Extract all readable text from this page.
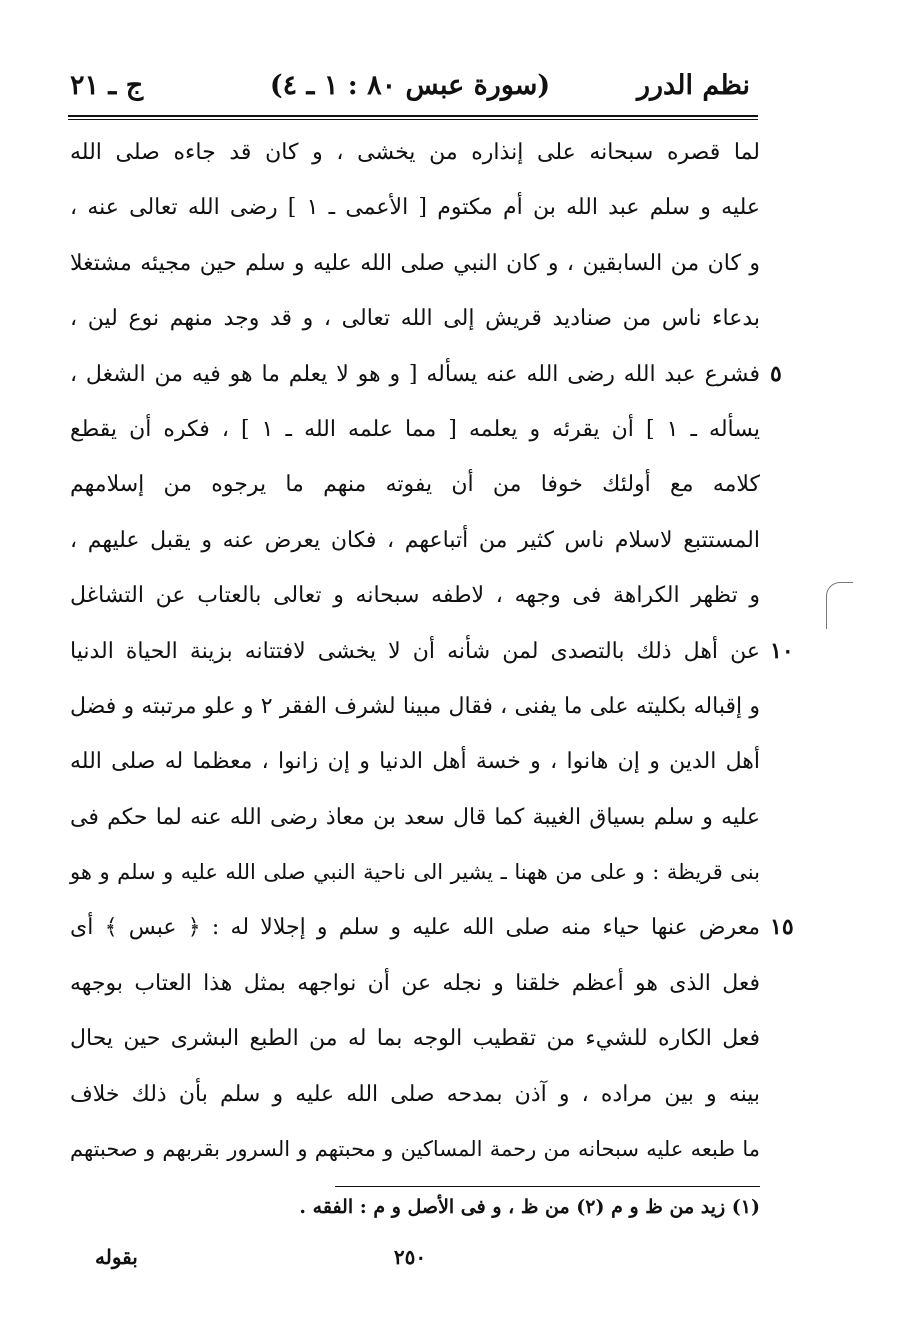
نظم الدرر
(سورة عبس ٨٠ : ١ ـ ٤)
ج ـ ٢١
لما قصره سبحانه على إنذاره من يخشى ، و كان قد جاءه صلى الله
عليه و سلم عبد الله بن أم مكتوم [ الأعمى ـ ١ ] رضى الله تعالى عنه ،
و كان من السابقين ، و كان النبي صلى الله عليه و سلم حين مجيئه مشتغلا
بدعاء ناس من صناديد قريش إلى الله تعالى ، و قد وجد منهم نوع لين ،
٥
فشرع عبد الله رضى الله عنه يسأله [ و هو لا يعلم ما هو فيه من الشغل ،
يسأله ـ ١ ] أن يقرئه و يعلمه [ مما علمه الله ـ ١ ] ، فكره أن يقطع
كلامه مع أولئك خوفا من أن يفوته منهم ما يرجوه من إسلامهم
المستتبع لاسلام ناس كثير من أتباعهم ، فكان يعرض عنه و يقبل عليهم ،
و تظهر الكراهة فى وجهه ، لاطفه سبحانه و تعالى بالعتاب عن التشاغل
١٠
عن أهل ذلك بالتصدى لمن شأنه أن لا يخشى لافتتانه بزينة الحياة الدنيا
و إقباله بكليته على ما يفنى ، فقال مبينا لشرف الفقر ٢ و علو مرتبته و فضل
أهل الدين و إن هانوا ، و خسة أهل الدنيا و إن زانوا ، معظما له صلى الله
عليه و سلم بسياق الغيبة كما قال سعد بن معاذ رضى الله عنه لما حكم فى
بنى قريظة : و على من ههنا ـ يشير الى ناحية النبي صلى الله عليه و سلم و هو
١٥
معرض عنها حياء منه صلى الله عليه و سلم و إجلالا له : ﴿ عبس ﴾ أى
فعل الذى هو أعظم خلقنا و نجله عن أن نواجهه بمثل هذا العتاب بوجهه
فعل الكاره للشيء من تقطيب الوجه بما له من الطبع البشرى حين يحال
بينه و بين مراده ، و آذن بمدحه صلى الله عليه و سلم بأن ذلك خلاف
ما طبعه عليه سبحانه من رحمة المساكين و محبتهم و السرور بقربهم و صحبتهم
(١) زيد من ظ و م (٢) من ظ ، و فى الأصل و م : الفقه .
٢٥٠
بقوله
